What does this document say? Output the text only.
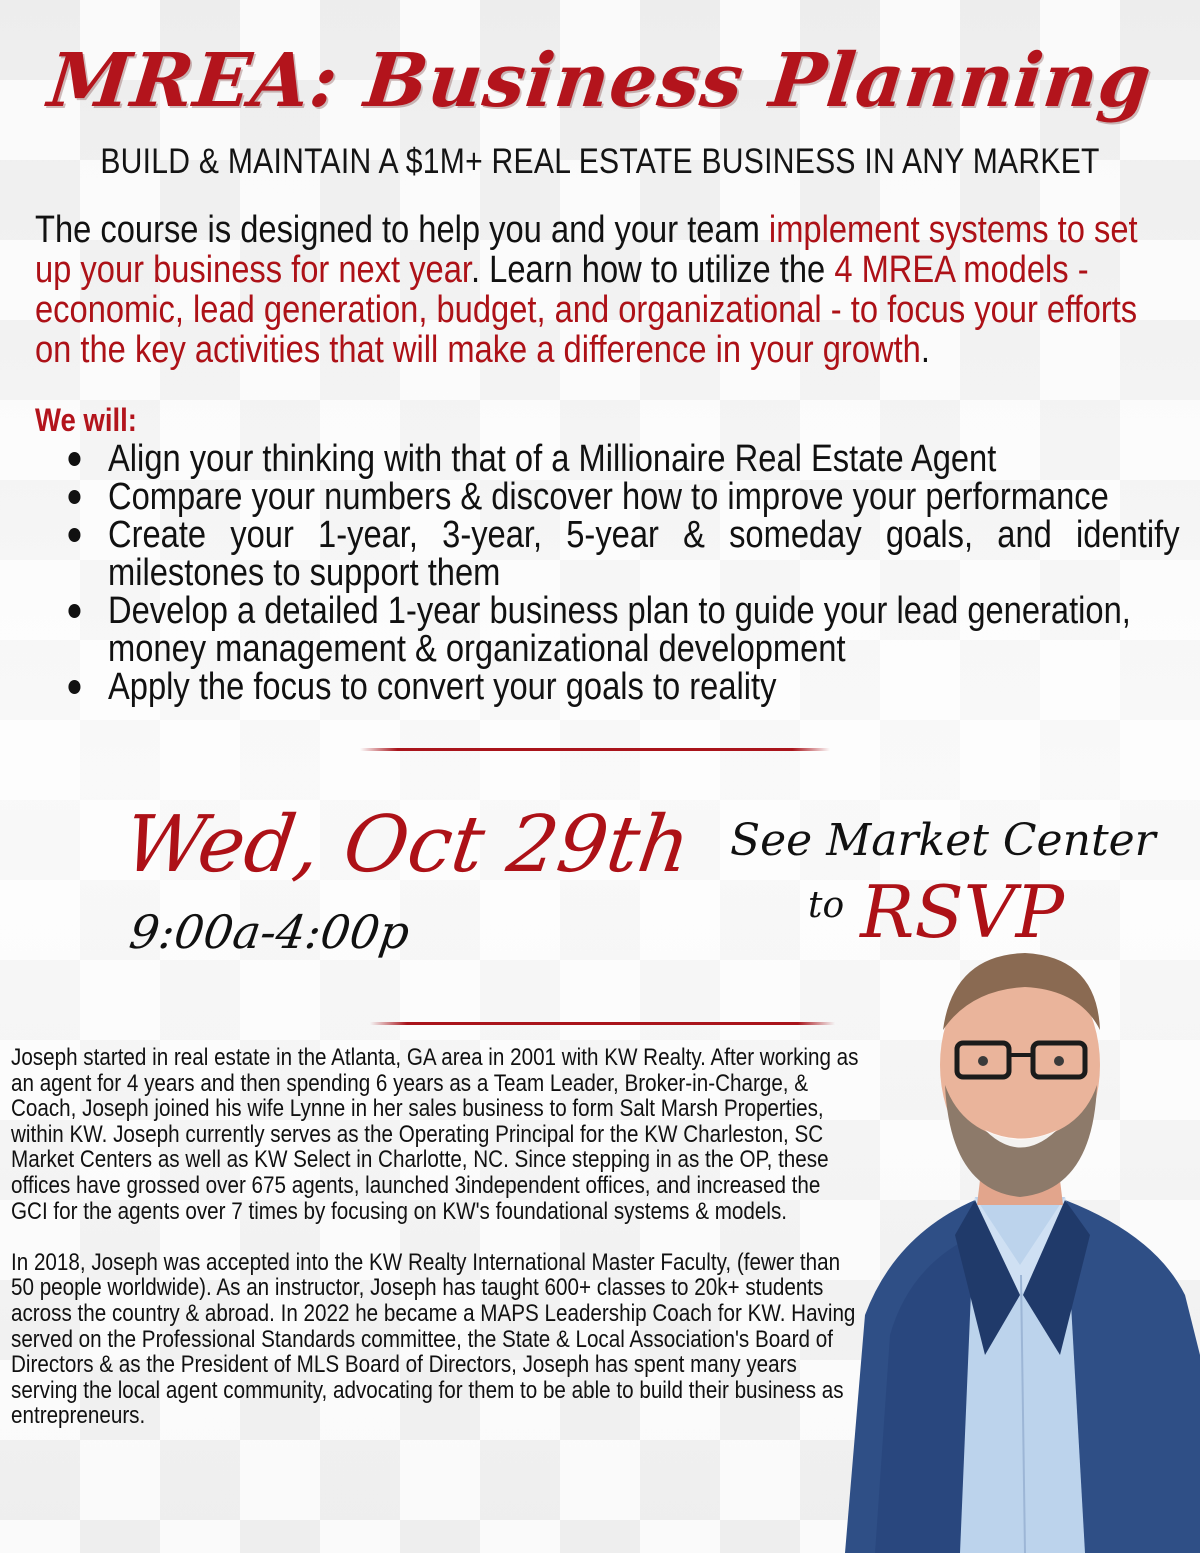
MREA: Business Planning
BUILD & MAINTAIN A $1M+ REAL ESTATE BUSINESS IN ANY MARKET
The course is designed to help you and your team implement systems to set up your business for next year. Learn how to utilize the 4 MREA models - economic, lead generation, budget, and organizational - to focus your efforts on the key activities that will make a difference in your growth.
We will:
Align your thinking with that of a Millionaire Real Estate Agent
Compare your numbers & discover how to improve your performance
Create your 1-year, 3-year, 5-year & someday goals, and identify milestones to support them
Develop a detailed 1-year business plan to guide your lead generation, money management & organizational development
Apply the focus to convert your goals to reality
Wed, Oct 29th
9:00a-4:00p
See Market Center
to RSVP

Joseph started in real estate in the Atlanta, GA area in 2001 with KW Realty. After working as an agent for 4 years and then spending 6 years as a Team Leader, Broker-in-Charge, & Coach, Joseph joined his wife Lynne in her sales business to form Salt Marsh Properties, within KW. Joseph currently serves as the Operating Principal for the KW Charleston, SC Market Centers as well as KW Select in Charlotte, NC. Since stepping in as the OP, these offices have grossed over 675 agents, launched 3independent offices, and increased the GCI for the agents over 7 times by focusing on KW's foundational systems & models.

In 2018, Joseph was accepted into the KW Realty International Master Faculty, (fewer than 50 people worldwide). As an instructor, Joseph has taught 600+ classes to 20k+ students across the country & abroad. In 2022 he became a MAPS Leadership Coach for KW. Having served on the Professional Standards committee, the State & Local Association's Board of Directors & as the President of MLS Board of Directors, Joseph has spent many years serving the local agent community, advocating for them to be able to build their business as entrepreneurs.
